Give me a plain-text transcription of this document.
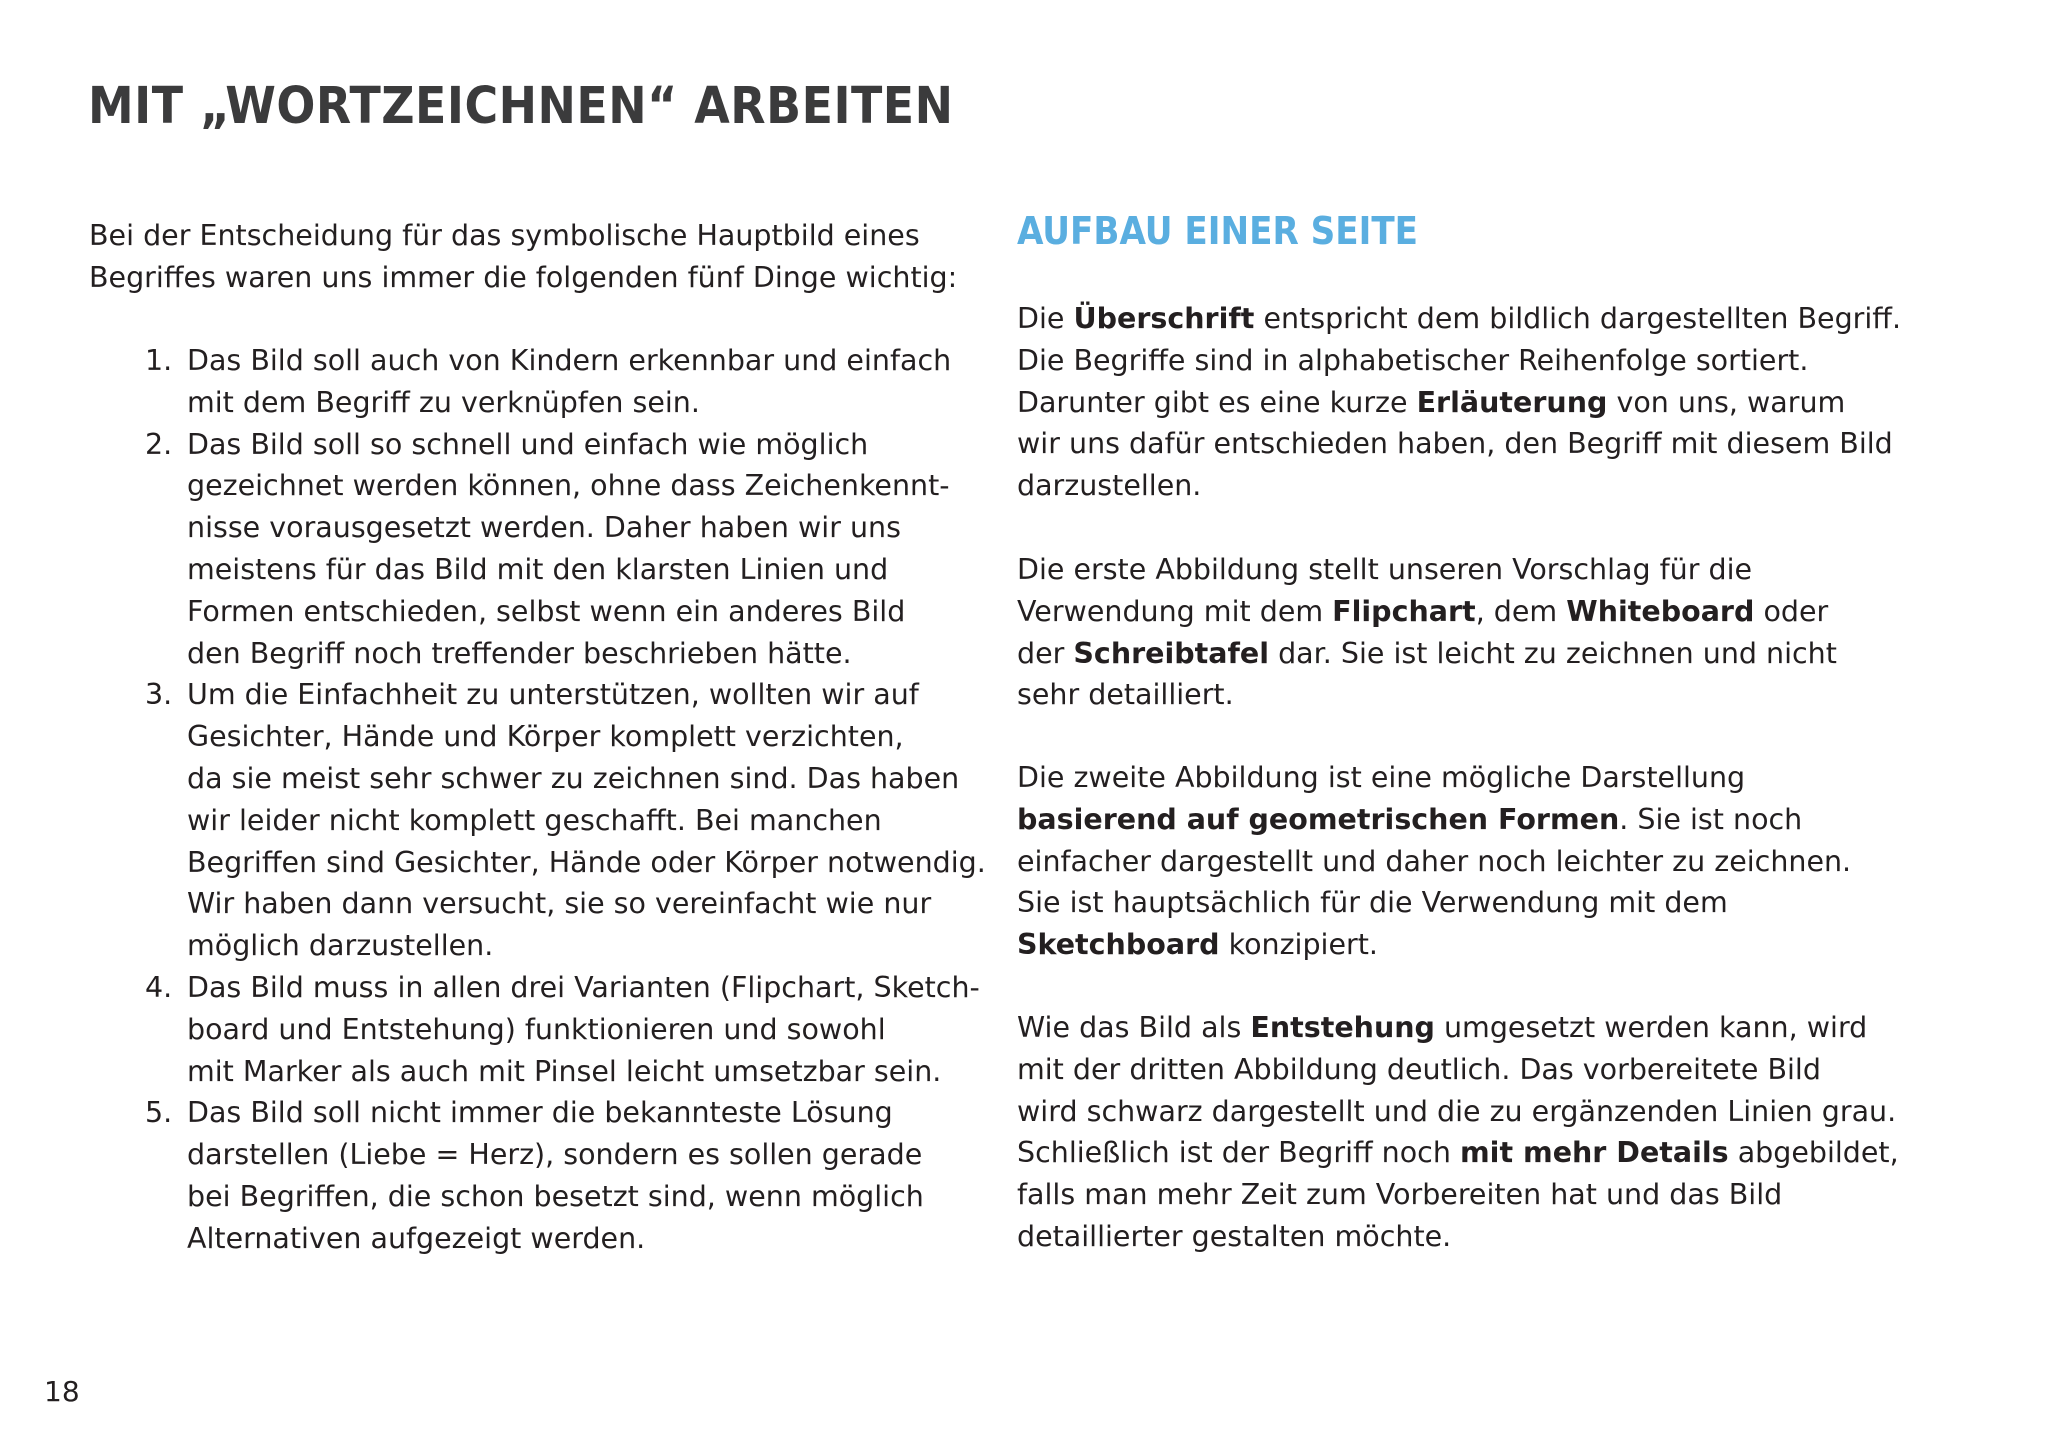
MIT „WORTZEICHNEN“ ARBEITEN
Bei der Entscheidung für das symbolische Hauptbild eines
Begriffes waren uns immer die folgenden fünf Dinge wichtig:
1. Das Bild soll auch von Kindern erkennbar und einfach
mit dem Begriff zu verknüpfen sein.
2. Das Bild soll so schnell und einfach wie möglich
gezeichnet werden können, ohne dass Zeichenkennt-
nisse vorausgesetzt werden. Daher haben wir uns
meistens für das Bild mit den klarsten Linien und
Formen entschieden, selbst wenn ein anderes Bild
den Begriff noch treffender beschrieben hätte.
3. Um die Einfachheit zu unterstützen, wollten wir auf
Gesichter, Hände und Körper komplett verzichten,
da sie meist sehr schwer zu zeichnen sind. Das haben
wir leider nicht komplett geschafft. Bei manchen
Begriffen sind Gesichter, Hände oder Körper notwendig.
Wir haben dann versucht, sie so vereinfacht wie nur
möglich darzustellen.
4. Das Bild muss in allen drei Varianten (Flipchart, Sketch-
board und Entstehung) funktionieren und sowohl
mit Marker als auch mit Pinsel leicht umsetzbar sein.
5. Das Bild soll nicht immer die bekannteste Lösung
darstellen (Liebe = Herz), sondern es sollen gerade
bei Begriffen, die schon besetzt sind, wenn möglich
Alternativen aufgezeigt werden.
AUFBAU EINER SEITE
Die Überschrift entspricht dem bildlich dargestellten Begriff.
Die Begriffe sind in alphabetischer Reihenfolge sortiert.
Darunter gibt es eine kurze Erläuterung von uns, warum
wir uns dafür entschieden haben, den Begriff mit diesem Bild
darzustellen.
Die erste Abbildung stellt unseren Vorschlag für die
Verwendung mit dem Flipchart, dem Whiteboard oder
der Schreibtafel dar. Sie ist leicht zu zeichnen und nicht
sehr detailliert.
Die zweite Abbildung ist eine mögliche Darstellung
basierend auf geometrischen Formen. Sie ist noch
einfacher dargestellt und daher noch leichter zu zeichnen.
Sie ist hauptsächlich für die Verwendung mit dem
Sketchboard konzipiert.
Wie das Bild als Entstehung umgesetzt werden kann, wird
mit der dritten Abbildung deutlich. Das vorbereitete Bild
wird schwarz dargestellt und die zu ergänzenden Linien grau.
Schließlich ist der Begriff noch mit mehr Details abgebildet,
falls man mehr Zeit zum Vorbereiten hat und das Bild
detaillierter gestalten möchte.
18
